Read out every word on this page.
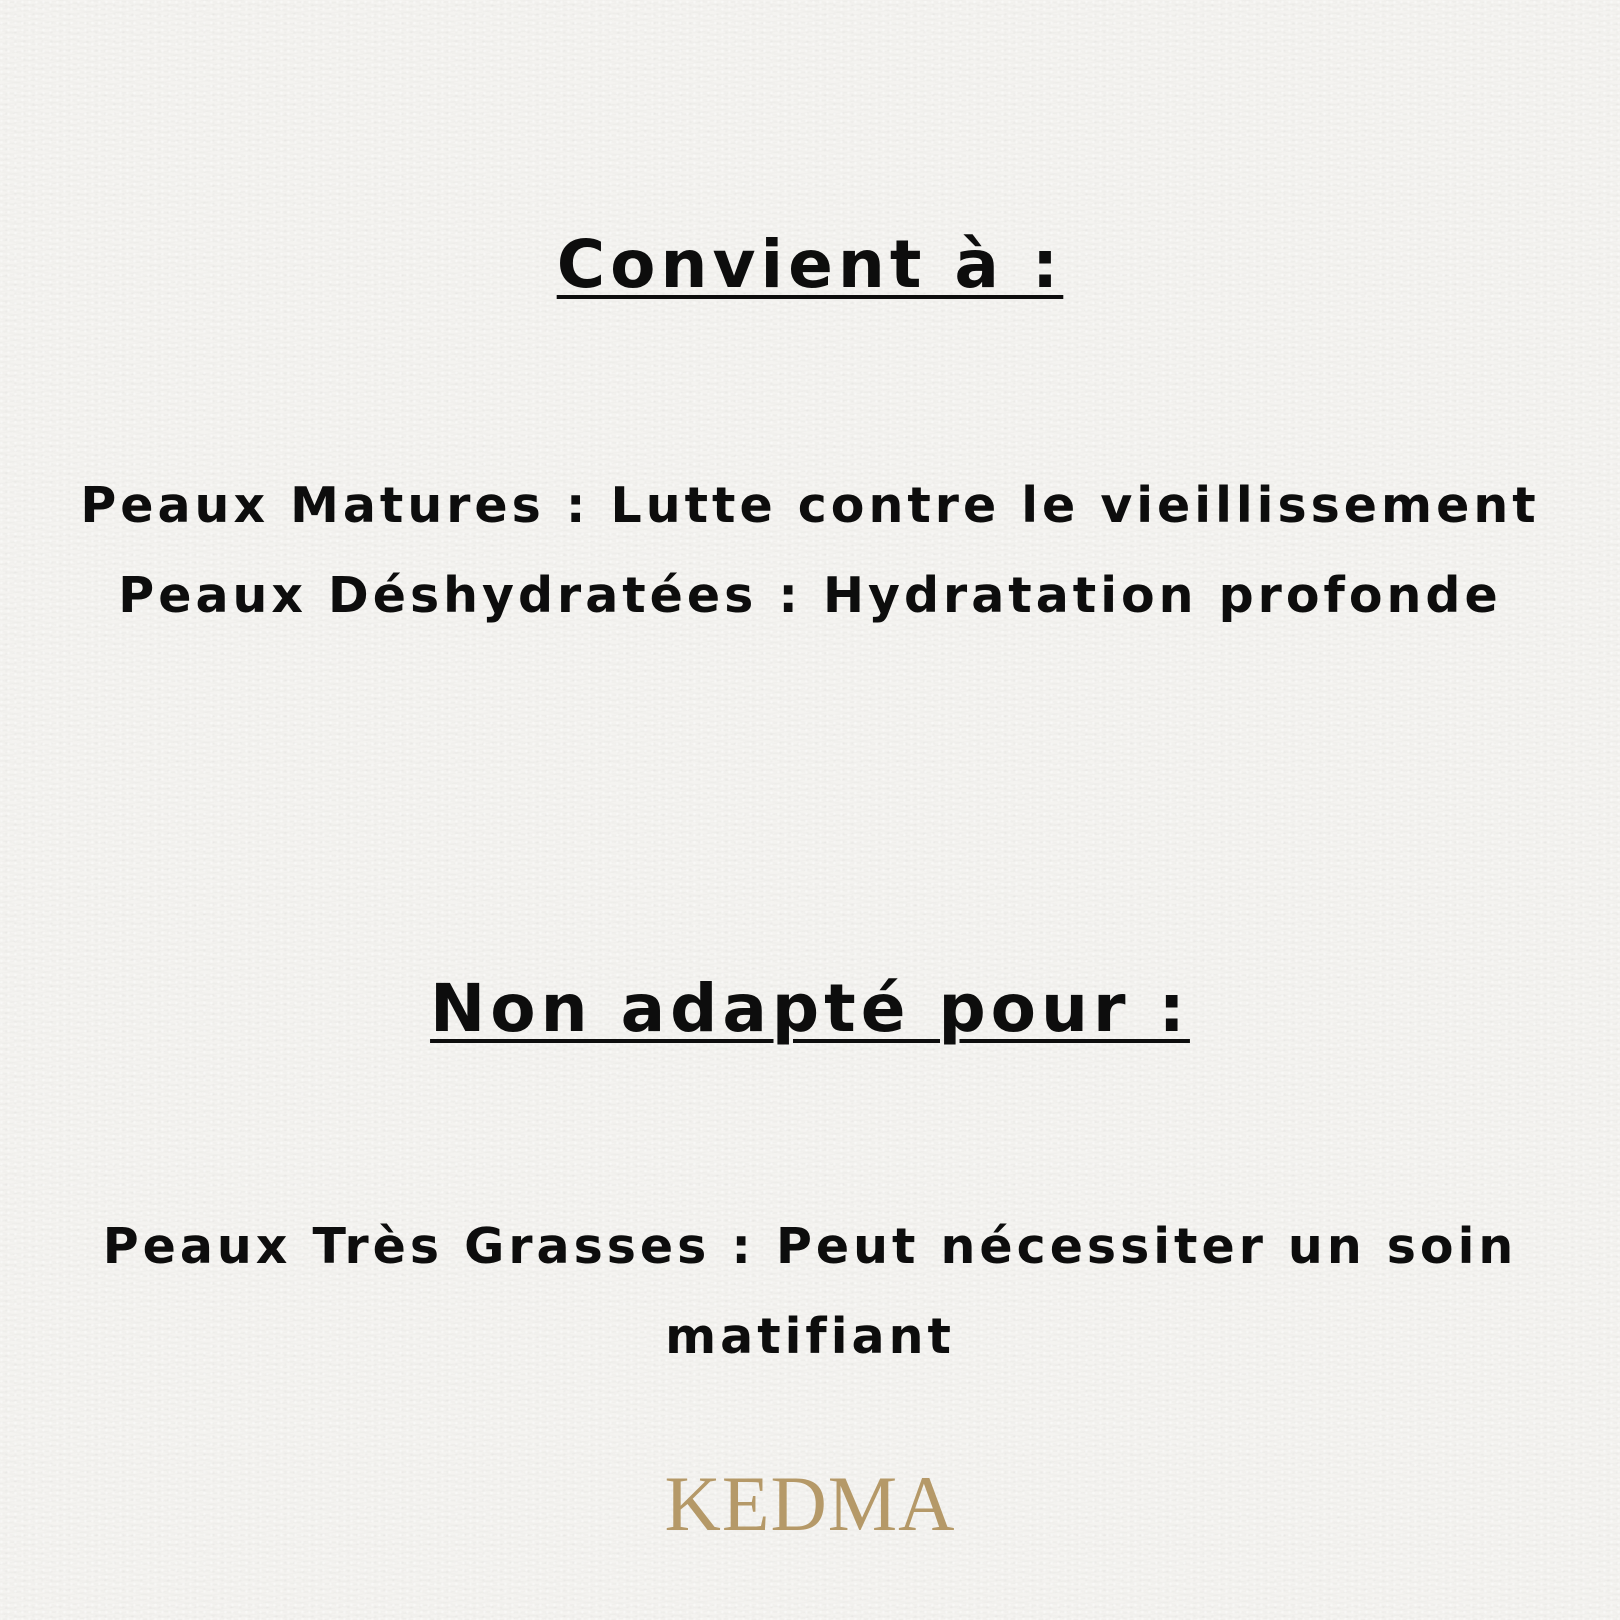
Convient à :

Peaux Matures : Lutte contre le vieillissement

Peaux Déshydratées : Hydratation profonde

Non adapté pour :

Peaux Très Grasses : Peut nécessiter un soin matifiant

KEDMA
